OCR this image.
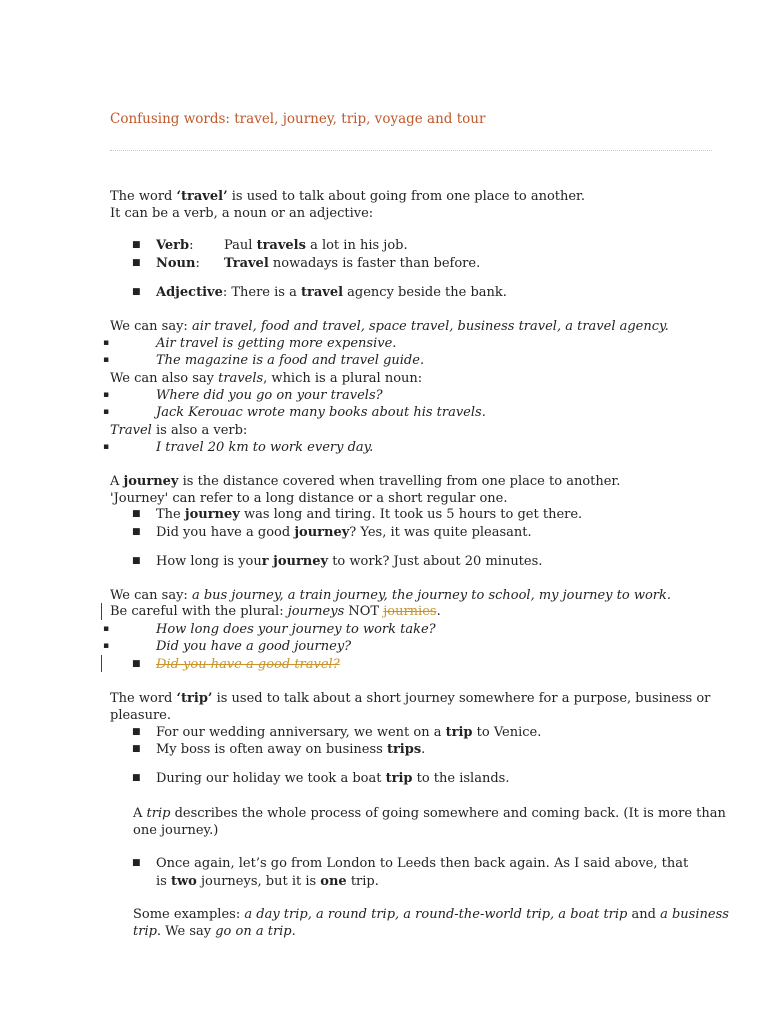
Confusing words: travel, journey, trip, voyage and tour
The word ‘travel’ is used to talk about going from one place to another.
It can be a verb, a noun or an adjective:
■ Verb: Paul travels a lot in his job.
■ Noun: Travel nowadays is faster than before.
■ Adjective: There is a travel agency beside the bank.
We can say: air travel, food and travel, space travel, business travel, a travel agency.
▪	Air travel is getting more expensive.
▪	The magazine is a food and travel guide.
We can also say travels, which is a plural noun:
▪	Where did you go on your travels?
▪	Jack Kerouac wrote many books about his travels.
Travel is also a verb:
▪	I travel 20 km to work every day.
A journey is the distance covered when travelling from one place to another.
'Journey' can refer to a long distance or a short regular one.
■ The journey was long and tiring. It took us 5 hours to get there.
■ Did you have a good journey? Yes, it was quite pleasant.
■ How long is your journey to work? Just about 20 minutes.
We can say: a bus journey, a train journey, the journey to school, my journey to work.
Be careful with the plural: journeys NOT journies.
▪	How long does your journey to work take?
▪	Did you have a good journey?
■ Did you have a good travel?
The word ‘trip’ is used to talk about a short journey somewhere for a purpose, business or
pleasure.
■ For our wedding anniversary, we went on a trip to Venice.
■ My boss is often away on business trips.
■ During our holiday we took a boat trip to the islands.
A trip describes the whole process of going somewhere and coming back. (It is more than
one journey.)
■ Once again, let’s go from London to Leeds then back again. As I said above, that
is two journeys, but it is one trip.
Some examples: a day trip, a round trip, a round-the-world trip, a boat trip and a business
trip. We say go on a trip.
